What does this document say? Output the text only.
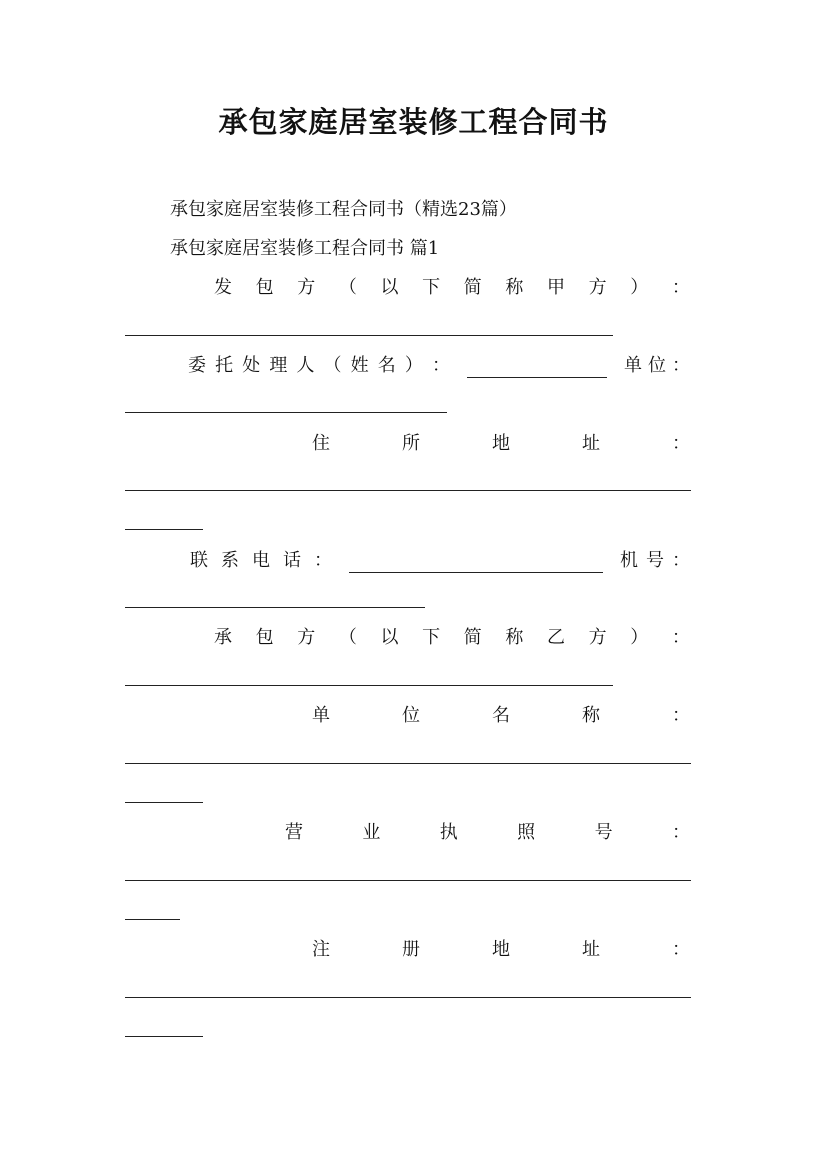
承包家庭居室装修工程合同书
承包家庭居室装修工程合同书（精选23篇）
承包家庭居室装修工程合同书 篇1
发 包 方 （ 以 下 简 称 甲 方 ） ：
委 托 处 理 人 （ 姓 名 ） ：	单 位 ：
住	所	地	址	：
联 系 电 话 ：	机 号 ：
承 包 方 （ 以 下 简 称 乙 方 ） ：
单	位	名	称	：
营	业	执	照	号	：
注	册	地	址	：
